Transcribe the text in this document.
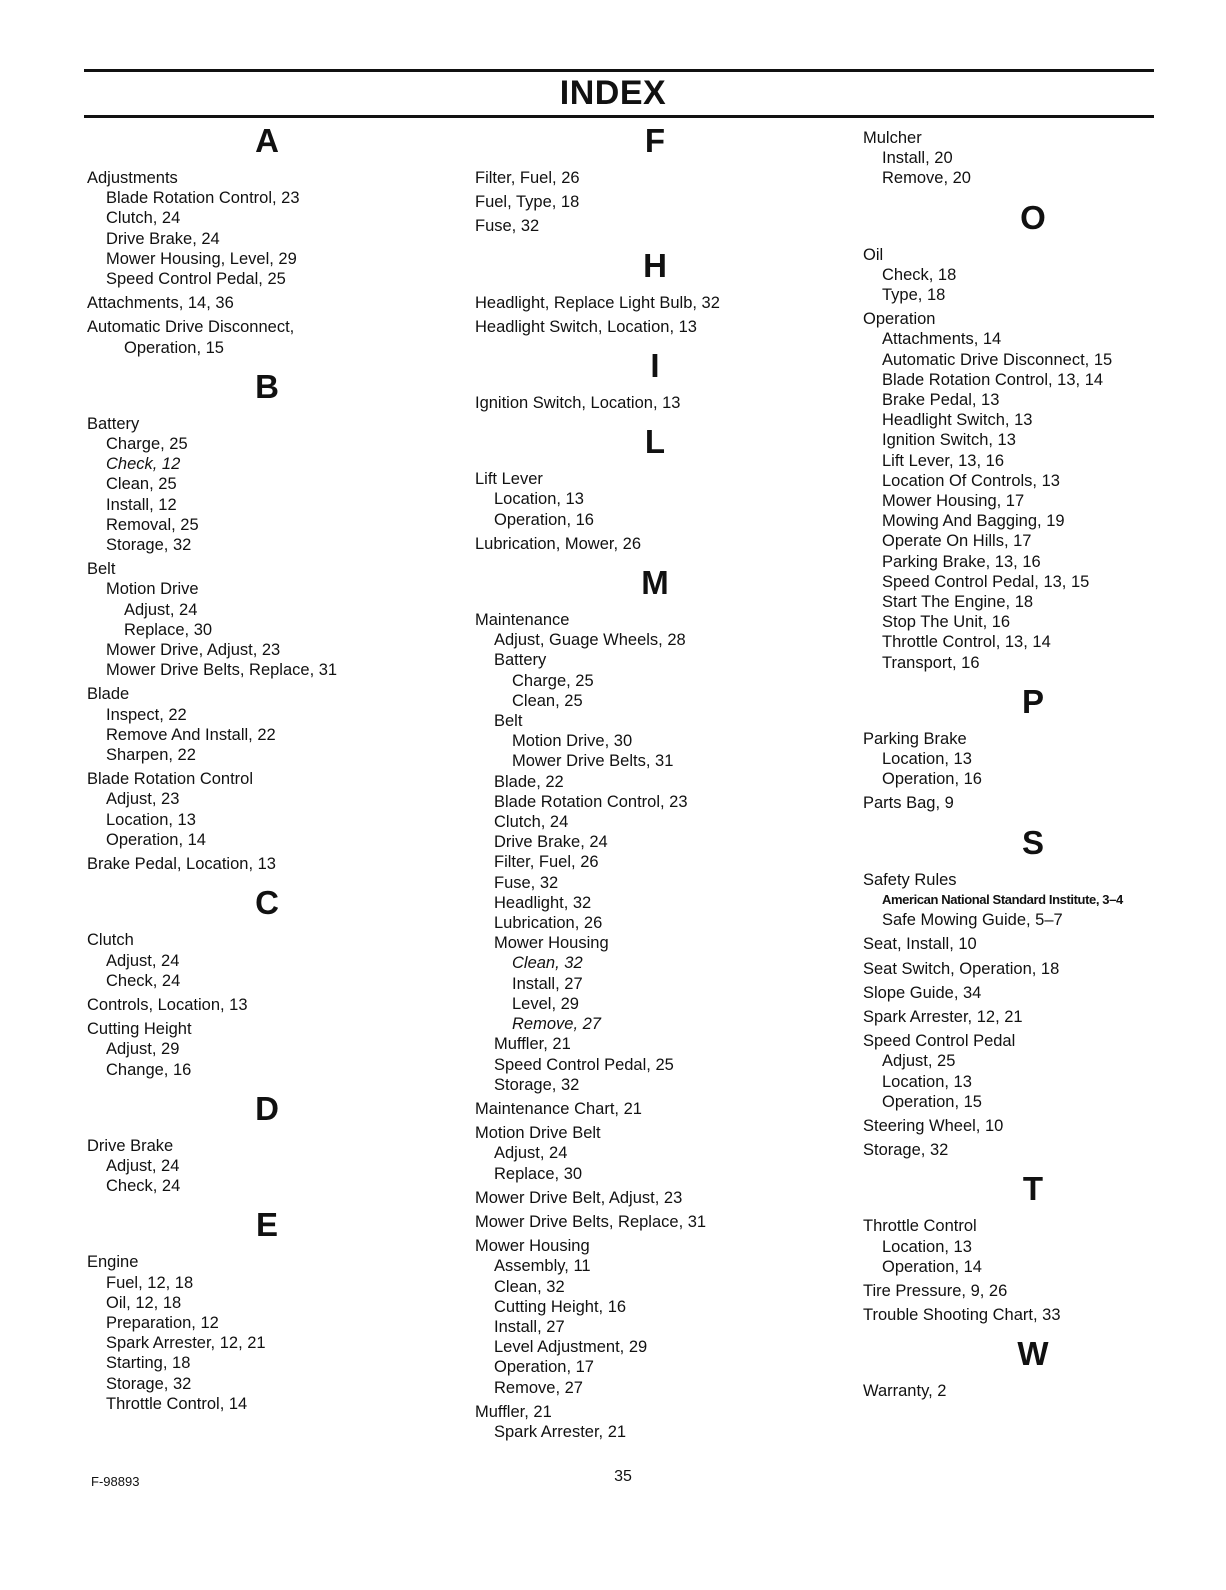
INDEX
A
Adjustments
Blade Rotation Control, 23
Clutch, 24
Drive Brake, 24
Mower Housing, Level, 29
Speed Control Pedal, 25
Attachments, 14, 36
Automatic Drive Disconnect,
Operation, 15
B
Battery
Charge, 25
Check, 12
Clean, 25
Install, 12
Removal, 25
Storage, 32
Belt
Motion Drive
Adjust, 24
Replace, 30
Mower Drive, Adjust, 23
Mower Drive Belts, Replace, 31
Blade
Inspect, 22
Remove And Install, 22
Sharpen, 22
Blade Rotation Control
Adjust, 23
Location, 13
Operation, 14
Brake Pedal, Location, 13
C
Clutch
Adjust, 24
Check, 24
Controls, Location, 13
Cutting Height
Adjust, 29
Change, 16
D
Drive Brake
Adjust, 24
Check, 24
E
Engine
Fuel, 12, 18
Oil, 12, 18
Preparation, 12
Spark Arrester, 12, 21
Starting, 18
Storage, 32
Throttle Control, 14
F
Filter, Fuel, 26
Fuel, Type, 18
Fuse, 32
H
Headlight, Replace Light Bulb, 32
Headlight Switch, Location, 13
I
Ignition Switch, Location, 13
L
Lift Lever
Location, 13
Operation, 16
Lubrication, Mower, 26
M
Maintenance
Adjust, Guage Wheels, 28
Battery
Charge, 25
Clean, 25
Belt
Motion Drive, 30
Mower Drive Belts, 31
Blade, 22
Blade Rotation Control, 23
Clutch, 24
Drive Brake, 24
Filter, Fuel, 26
Fuse, 32
Headlight, 32
Lubrication, 26
Mower Housing
Clean, 32
Install, 27
Level, 29
Remove, 27
Muffler, 21
Speed Control Pedal, 25
Storage, 32
Maintenance Chart, 21
Motion Drive Belt
Adjust, 24
Replace, 30
Mower Drive Belt, Adjust, 23
Mower Drive Belts, Replace, 31
Mower Housing
Assembly, 11
Clean, 32
Cutting Height, 16
Install, 27
Level Adjustment, 29
Operation, 17
Remove, 27
Muffler, 21
Spark Arrester, 21
Mulcher
Install, 20
Remove, 20
O
Oil
Check, 18
Type, 18
Operation
Attachments, 14
Automatic Drive Disconnect, 15
Blade Rotation Control, 13, 14
Brake Pedal, 13
Headlight Switch, 13
Ignition Switch, 13
Lift Lever, 13, 16
Location Of Controls, 13
Mower Housing, 17
Mowing And Bagging, 19
Operate On Hills, 17
Parking Brake, 13, 16
Speed Control Pedal, 13, 15
Start The Engine, 18
Stop The Unit, 16
Throttle Control, 13, 14
Transport, 16
P
Parking Brake
Location, 13
Operation, 16
Parts Bag, 9
S
Safety Rules
American National Standard Institute, 3–4
Safe Mowing Guide, 5–7
Seat, Install, 10
Seat Switch, Operation, 18
Slope Guide, 34
Spark Arrester, 12, 21
Speed Control Pedal
Adjust, 25
Location, 13
Operation, 15
Steering Wheel, 10
Storage, 32
T
Throttle Control
Location, 13
Operation, 14
Tire Pressure, 9, 26
Trouble Shooting Chart, 33
W
Warranty, 2
F-98893	35
